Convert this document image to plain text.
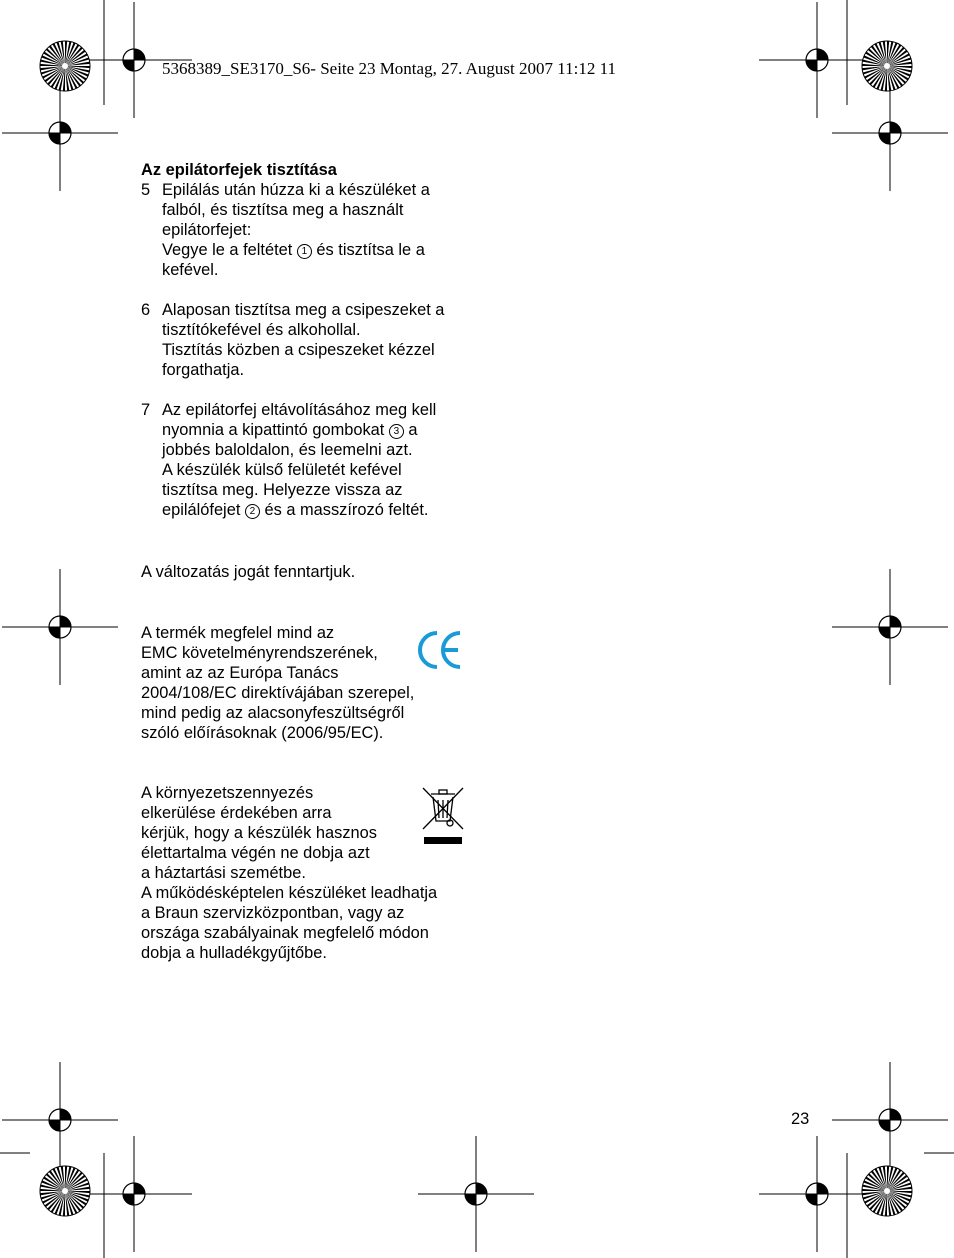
5368389_SE3170_S6- Seite 23 Montag, 27. August 2007 11:12 11

Az epilátorfejek tisztítása

5 Epilálás után húzza ki a készüléket a
falból, és tisztítsa meg a használt
epilátorfejet:
Vegye le a feltétet 1 és tisztítsa le a
kefével.
6 Alaposan tisztítsa meg a csipeszeket a
tisztítókefével és alkohollal.
Tisztítás közben a csipeszeket kézzel
forgathatja.
7 Az epilátorfej eltávolításához meg kell
nyomnia a kipattintó gombokat 3 a
jobbés baloldalon, és leemelni azt.
A készülék külső felületét kefével
tisztítsa meg. Helyezze vissza az
epilálófejet 2 és a masszírozó feltét.
A változatás jogát fenntartjuk.
A termék megfelel mind az
EMC követelményrendszerének,
amint az az Európa Tanács
2004/108/EC direktívájában szerepel,
mind pedig az alacsonyfeszültségről
szóló előírásoknak (2006/95/EC).
A környezetszennyezés
elkerülése érdekében arra
kérjük, hogy a készülék hasznos
élettartalma végén ne dobja azt
a háztartási szemétbe.
A működésképtelen készüléket leadhatja
a Braun szervizközpontban, vagy az
országa szabályainak megfelelő módon
dobja a hulladékgyűjtőbe.
23
